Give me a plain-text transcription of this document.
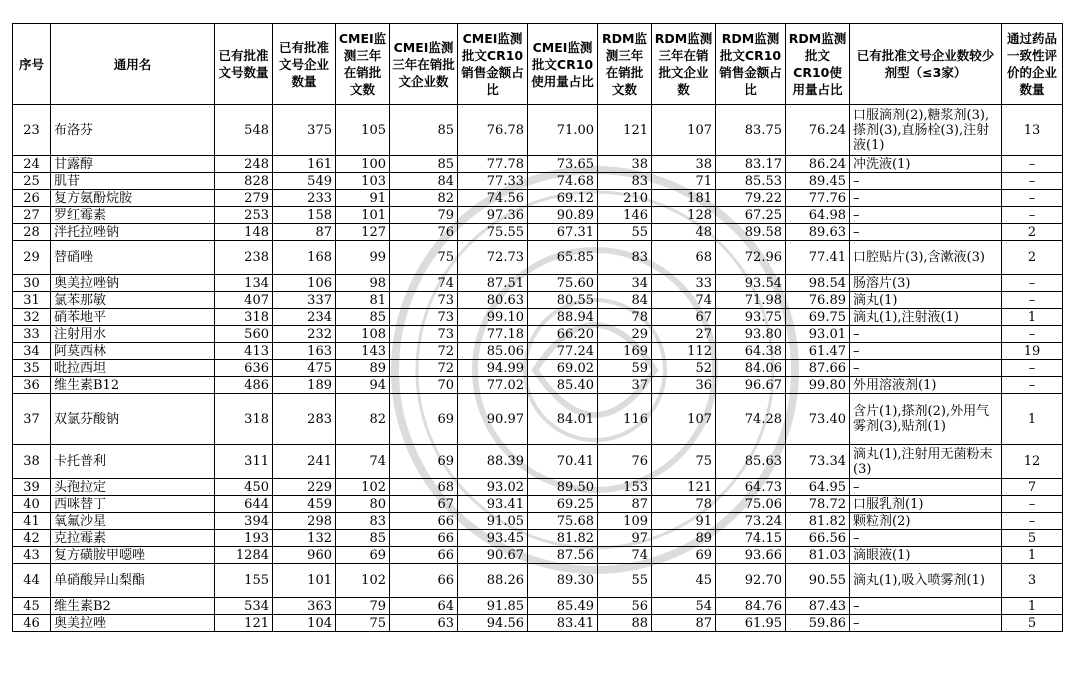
序号	通用名	已有批准文号数量	已有批准文号企业数量	CMEI监测三年在销批文数	CMEI监测三年在销批文企业数	CMEI监测批文CR10销售金额占比	CMEI监测批文CR10使用量占比	RDM监测三年在销批文数	RDM监测三年在销批文企业数	RDM监测批文CR10销售金额占比	RDM监测批文CR10使用量占比	已有批准文号企业数较少剂型（≤3家）	通过药品一致性评价的企业数量
23	布洛芬	548	375	105	85	76.78	71.00	121	107	83.75	76.24	口服滴剂(2),糖浆剂(3),搽剂(3),直肠栓(3),注射液(1)	13
24	甘露醇	248	161	100	85	77.78	73.65	38	38	83.17	86.24	冲洗液(1)	–
25	肌苷	828	549	103	84	77.33	74.68	83	71	85.53	89.45	–	–
26	复方氨酚烷胺	279	233	91	82	74.56	69.12	210	181	79.22	77.76	–	–
27	罗红霉素	253	158	101	79	97.36	90.89	146	128	67.25	64.98	–	–
28	泮托拉唑钠	148	87	127	76	75.55	67.31	55	48	89.58	89.63	–	2
29	替硝唑	238	168	99	75	72.73	65.85	83	68	72.96	77.41	口腔贴片(3),含漱液(3)	2
30	奥美拉唑钠	134	106	98	74	87.51	75.60	34	33	93.54	98.54	肠溶片(3)	–
31	氯苯那敏	407	337	81	73	80.63	80.55	84	74	71.98	76.89	滴丸(1)	–
32	硝苯地平	318	234	85	73	99.10	88.94	78	67	93.75	69.75	滴丸(1),注射液(1)	1
33	注射用水	560	232	108	73	77.18	66.20	29	27	93.80	93.01	–	–
34	阿莫西林	413	163	143	72	85.06	77.24	169	112	64.38	61.47	–	19
35	吡拉西坦	636	475	89	72	94.99	69.02	59	52	84.06	87.66	–	–
36	维生素B12	486	189	94	70	77.02	85.40	37	36	96.67	99.80	外用溶液剂(1)	–
37	双氯芬酸钠	318	283	82	69	90.97	84.01	116	107	74.28	73.40	含片(1),搽剂(2),外用气雾剂(3),贴剂(1)	1
38	卡托普利	311	241	74	69	88.39	70.41	76	75	85.63	73.34	滴丸(1),注射用无菌粉末(3)	12
39	头孢拉定	450	229	102	68	93.02	89.50	153	121	64.73	64.95	–	7
40	西咪替丁	644	459	80	67	93.41	69.25	87	78	75.06	78.72	口服乳剂(1)	–
41	氧氟沙星	394	298	83	66	91.05	75.68	109	91	73.24	81.82	颗粒剂(2)	–
42	克拉霉素	193	132	85	66	93.45	81.82	97	89	74.15	66.56	–	5
43	复方磺胺甲噁唑	1284	960	69	66	90.67	87.56	74	69	93.66	81.03	滴眼液(1)	1
44	单硝酸异山梨酯	155	101	102	66	88.26	89.30	55	45	92.70	90.55	滴丸(1),吸入喷雾剂(1)	3
45	维生素B2	534	363	79	64	91.85	85.49	56	54	84.76	87.43	–	1
46	奥美拉唑	121	104	75	63	94.56	83.41	88	87	61.95	59.86	–	5
